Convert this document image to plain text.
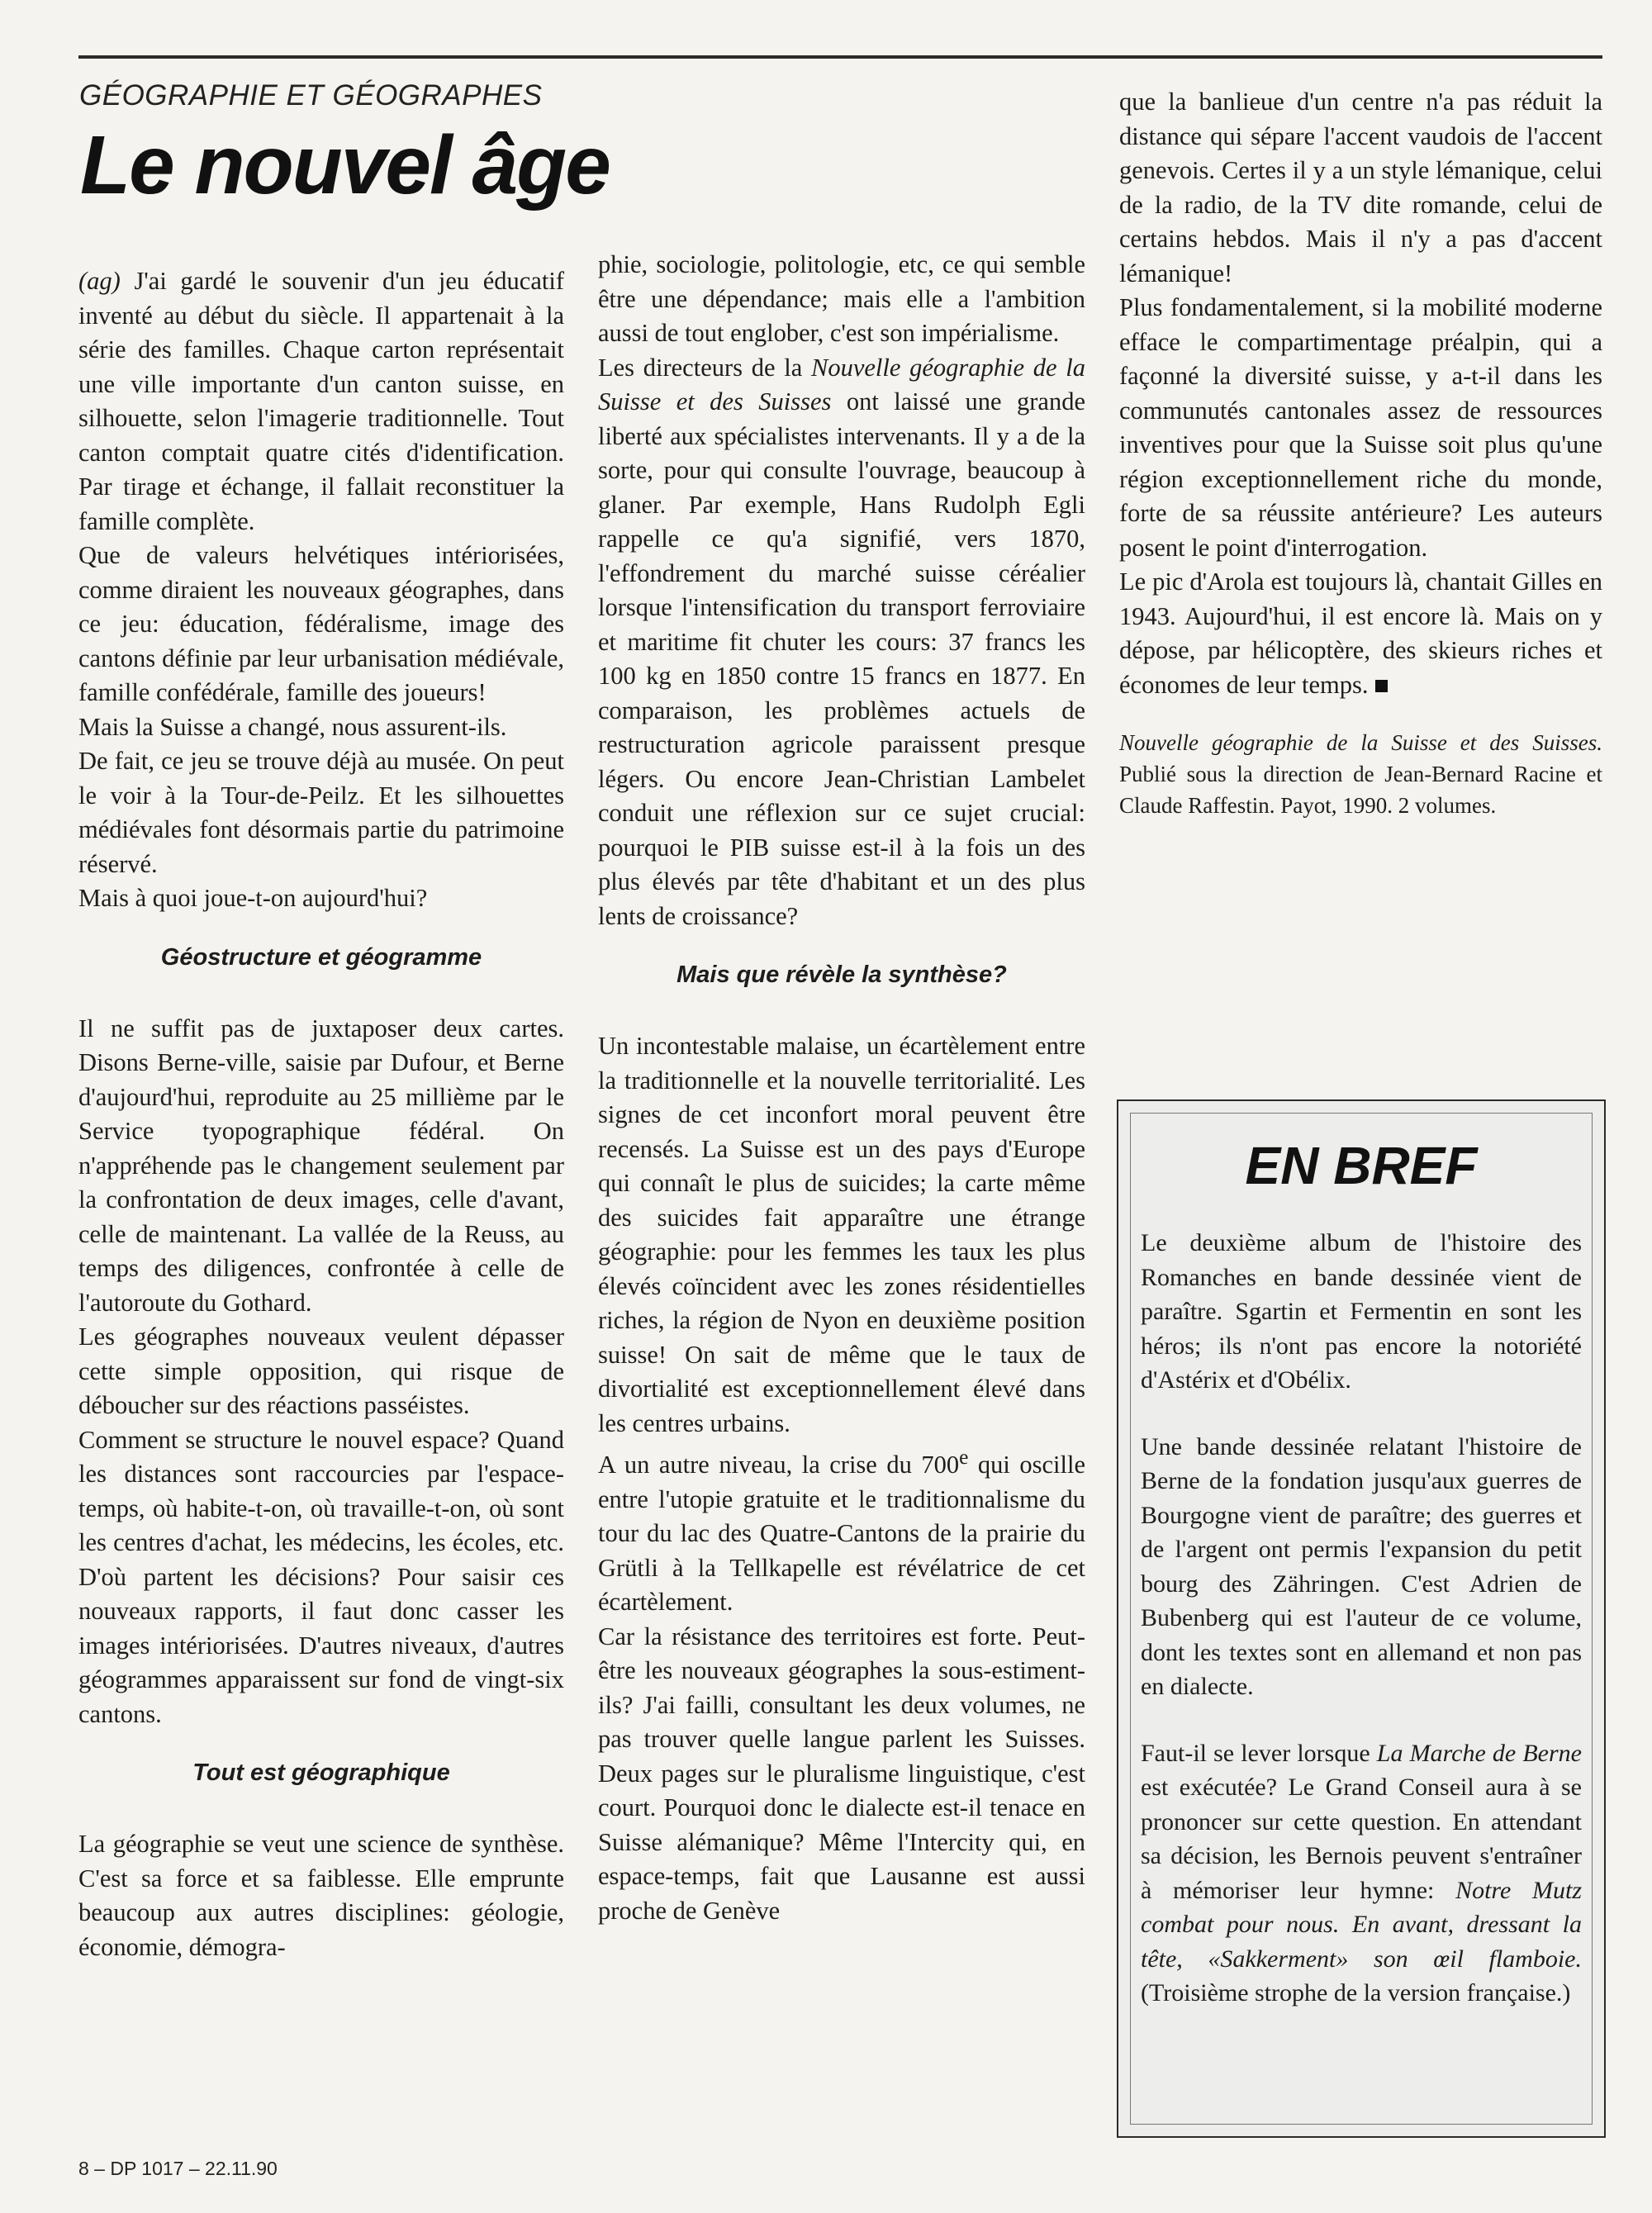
GÉOGRAPHIE ET GÉOGRAPHES
Le nouvel âge

(ag) J'ai gardé le souvenir d'un jeu éducatif inventé au début du siècle. Il appartenait à la série des familles. Chaque carton représentait une ville importante d'un canton suisse, en silhouette, selon l'imagerie traditionnelle. Tout canton comptait quatre cités d'identification. Par tirage et échange, il fallait reconstituer la famille complète.

Que de valeurs helvétiques intériorisées, comme diraient les nouveaux géographes, dans ce jeu: éducation, fédéralisme, image des cantons définie par leur urbanisation médiévale, famille confédérale, famille des joueurs!

Mais la Suisse a changé, nous assurent-ils.

De fait, ce jeu se trouve déjà au musée. On peut le voir à la Tour-de-Peilz. Et les silhouettes médiévales font désormais partie du patrimoine réservé.

Mais à quoi joue-t-on aujourd'hui?

Géostructure et géogramme

Il ne suffit pas de juxtaposer deux cartes. Disons Berne-ville, saisie par Dufour, et Berne d'aujourd'hui, reproduite au 25 millième par le Service tyopographique fédéral. On n'appréhende pas le changement seulement par la confrontation de deux images, celle d'avant, celle de maintenant. La vallée de la Reuss, au temps des diligences, confrontée à celle de l'autoroute du Gothard.

Les géographes nouveaux veulent dépasser cette simple opposition, qui risque de déboucher sur des réactions passéistes.

Comment se structure le nouvel espace? Quand les distances sont raccourcies par l'espace-temps, où habite-t-on, où travaille-t-on, où sont les centres d'achat, les médecins, les écoles, etc. D'où partent les décisions? Pour saisir ces nouveaux rapports, il faut donc casser les images intériorisées. D'autres niveaux, d'autres géogrammes apparaissent sur fond de vingt-six cantons.

Tout est géographique

La géographie se veut une science de synthèse. C'est sa force et sa faiblesse. Elle emprunte beaucoup aux autres disciplines: géologie, économie, démogra-

phie, sociologie, politologie, etc, ce qui semble être une dépendance; mais elle a l'ambition aussi de tout englober, c'est son impérialisme.

Les directeurs de la Nouvelle géographie de la Suisse et des Suisses ont laissé une grande liberté aux spécialistes intervenants. Il y a de la sorte, pour qui consulte l'ouvrage, beaucoup à glaner. Par exemple, Hans Rudolph Egli rappelle ce qu'a signifié, vers 1870, l'effondrement du marché suisse céréalier lorsque l'intensification du transport ferroviaire et maritime fit chuter les cours: 37 francs les 100 kg en 1850 contre 15 francs en 1877. En comparaison, les problèmes actuels de restructuration agricole paraissent presque légers. Ou encore Jean-Christian Lambelet conduit une réflexion sur ce sujet crucial: pourquoi le PIB suisse est-il à la fois un des plus élevés par tête d'habitant et un des plus lents de croissance?

Mais que révèle la synthèse?

Un incontestable malaise, un écartèlement entre la traditionnelle et la nouvelle territorialité. Les signes de cet inconfort moral peuvent être recensés. La Suisse est un des pays d'Europe qui connaît le plus de suicides; la carte même des suicides fait apparaître une étrange géographie: pour les femmes les taux les plus élevés coïncident avec les zones résidentielles riches, la région de Nyon en deuxième position suisse! On sait de même que le taux de divortialité est exceptionnellement élevé dans les centres urbains.

A un autre niveau, la crise du 700e qui oscille entre l'utopie gratuite et le traditionnalisme du tour du lac des Quatre-Cantons de la prairie du Grütli à la Tellkapelle est révélatrice de cet écartèlement.

Car la résistance des territoires est forte. Peut-être les nouveaux géographes la sous-estiment-ils? J'ai failli, consultant les deux volumes, ne pas trouver quelle langue parlent les Suisses. Deux pages sur le pluralisme linguistique, c'est court. Pourquoi donc le dialecte est-il tenace en Suisse alémanique? Même l'Intercity qui, en espace-temps, fait que Lausanne est aussi proche de Genève

que la banlieue d'un centre n'a pas réduit la distance qui sépare l'accent vaudois de l'accent genevois. Certes il y a un style lémanique, celui de la radio, de la TV dite romande, celui de certains hebdos. Mais il n'y a pas d'accent lémanique!

Plus fondamentalement, si la mobilité moderne efface le compartimentage préalpin, qui a façonné la diversité suisse, y a-t-il dans les communutés cantonales assez de ressources inventives pour que la Suisse soit plus qu'une région exceptionnellement riche du monde, forte de sa réussite antérieure? Les auteurs posent le point d'interrogation.

Le pic d'Arola est toujours là, chantait Gilles en 1943. Aujourd'hui, il est encore là. Mais on y dépose, par hélicoptère, des skieurs riches et économes de leur temps.

Nouvelle géographie de la Suisse et des Suisses. Publié sous la direction de Jean-Bernard Racine et Claude Raffestin. Payot, 1990. 2 volumes.

EN BREF

Le deuxième album de l'histoire des Romanches en bande dessinée vient de paraître. Sgartin et Fermentin en sont les héros; ils n'ont pas encore la notoriété d'Astérix et d'Obélix.

Une bande dessinée relatant l'histoire de Berne de la fondation jusqu'aux guerres de Bourgogne vient de paraître; des guerres et de l'argent ont permis l'expansion du petit bourg des Zähringen. C'est Adrien de Bubenberg qui est l'auteur de ce volume, dont les textes sont en allemand et non pas en dialecte.

Faut-il se lever lorsque La Marche de Berne est exécutée? Le Grand Conseil aura à se prononcer sur cette question. En attendant sa décision, les Bernois peuvent s'entraîner à mémoriser leur hymne: Notre Mutz combat pour nous. En avant, dressant la tête, «Sakkerment» son œil flamboie. (Troisième strophe de la version française.)

8 – DP 1017 – 22.11.90
